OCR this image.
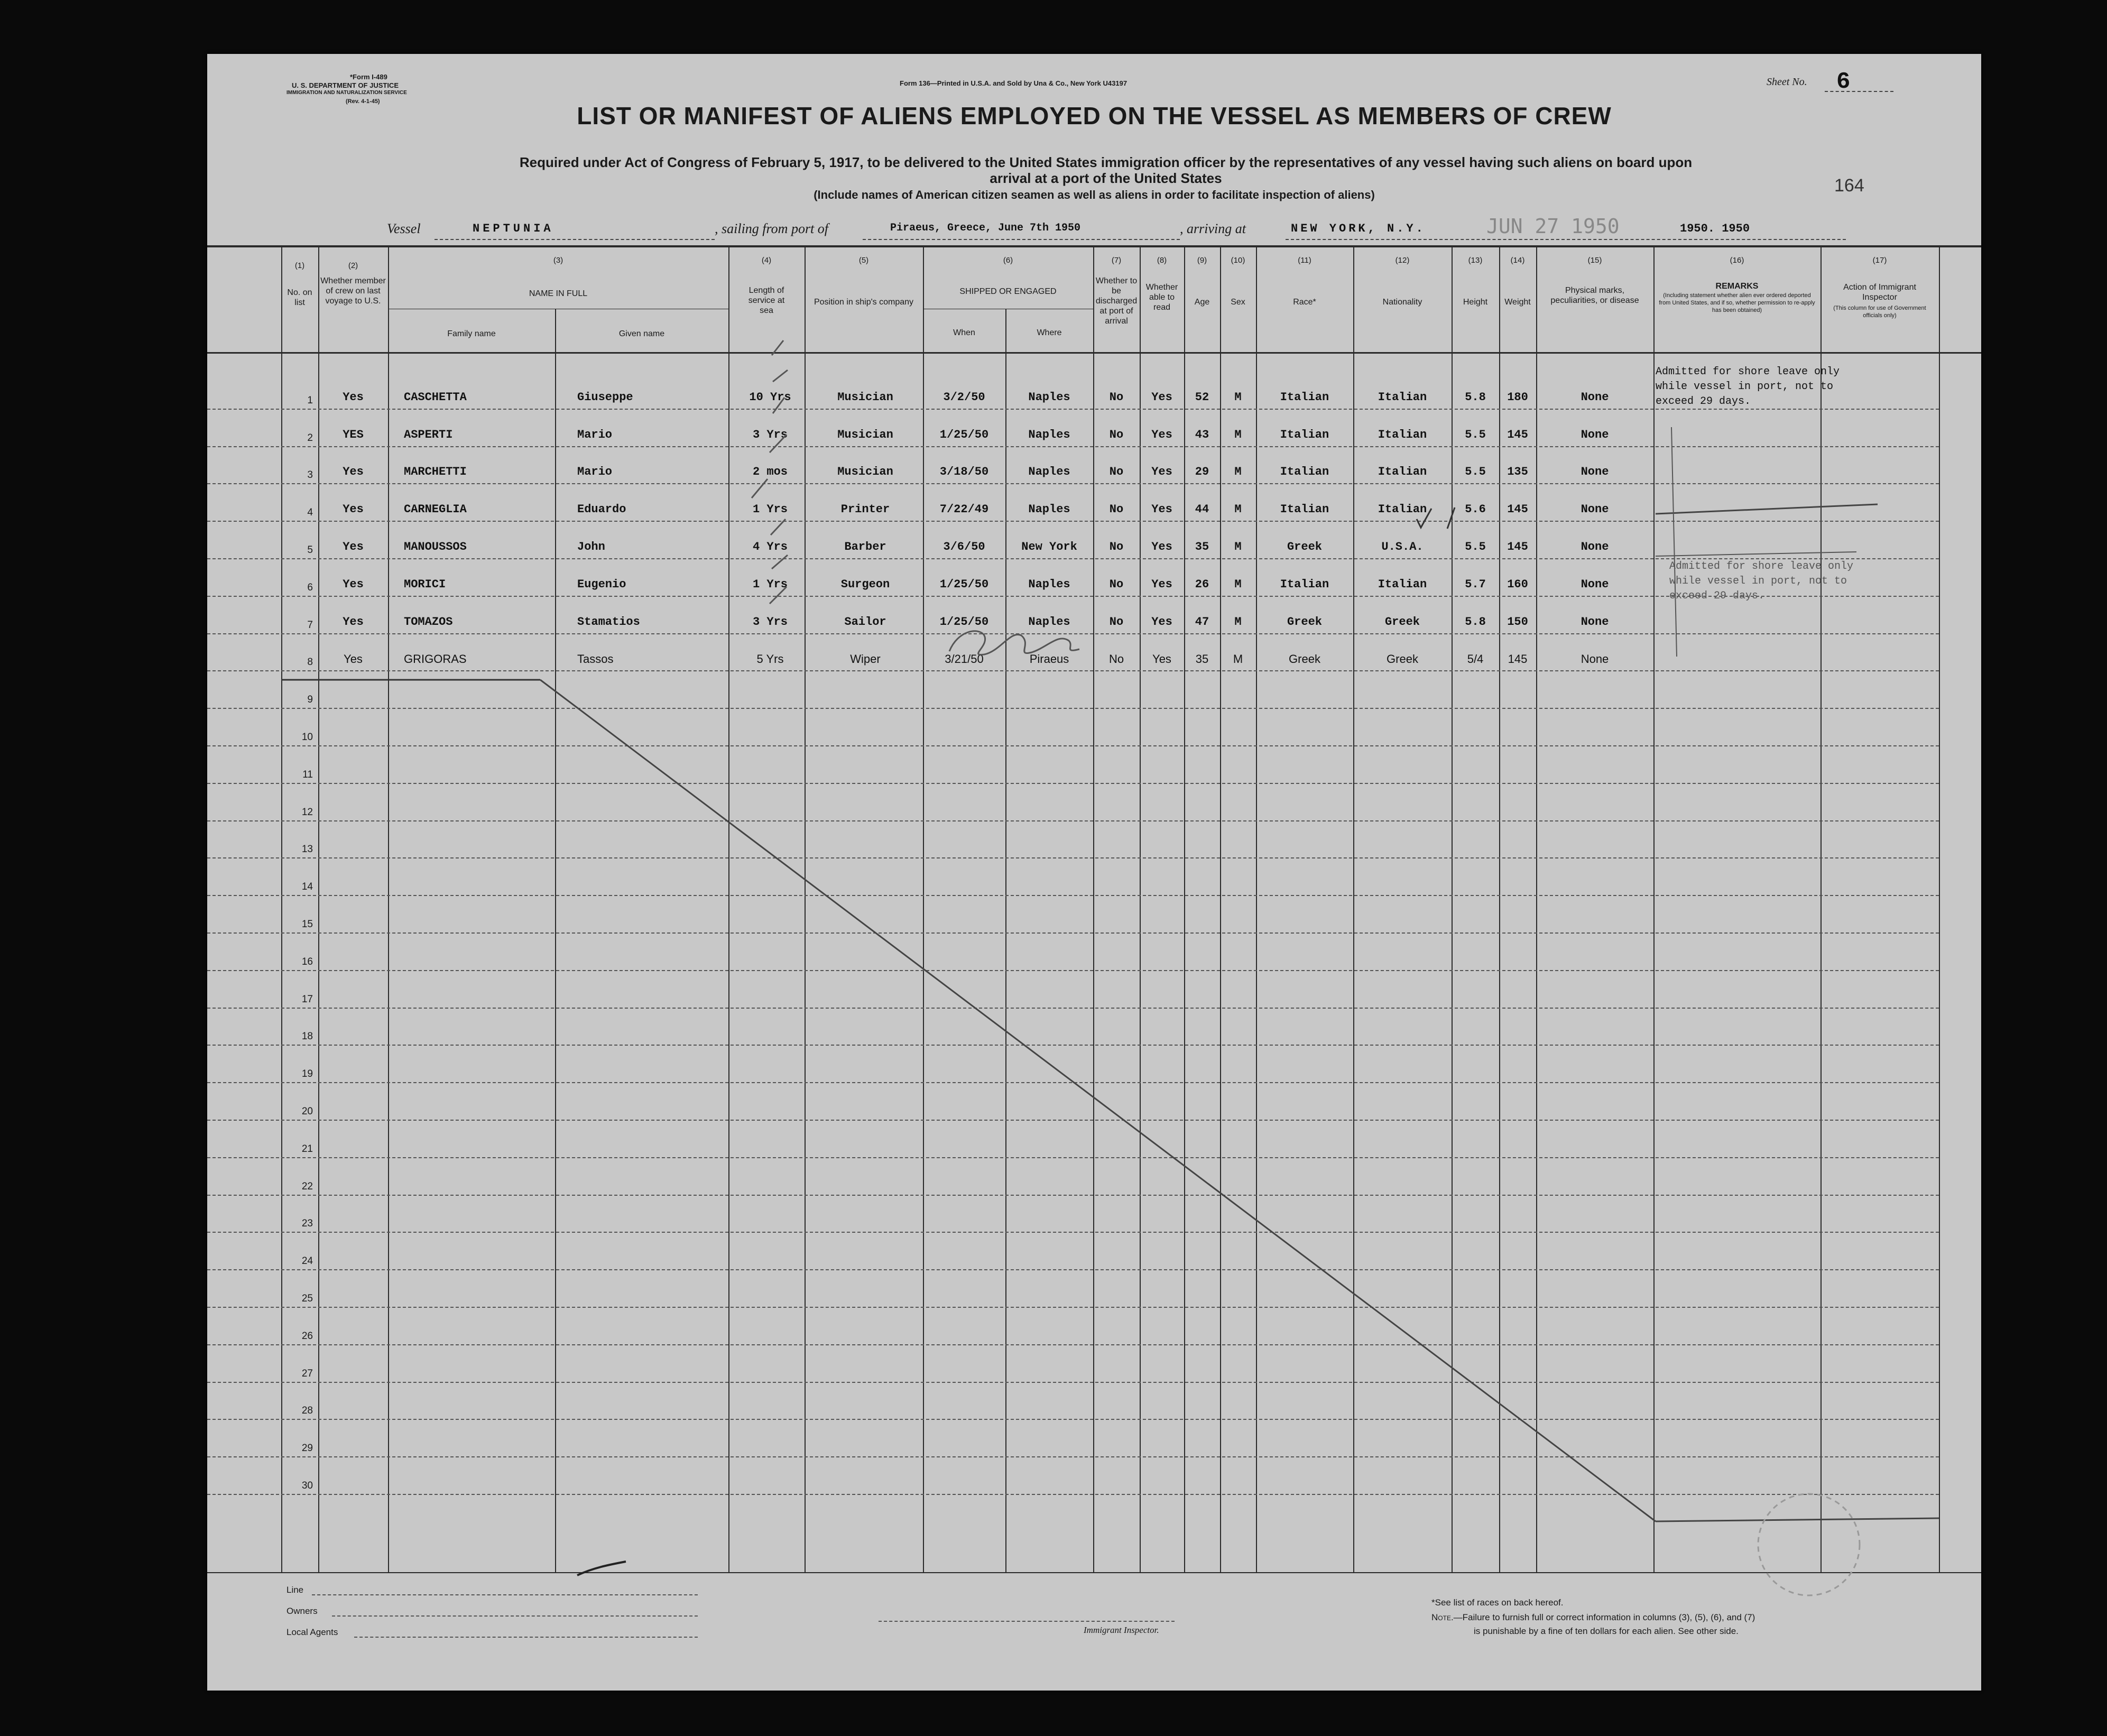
*Form I-489
U. S. DEPARTMENT OF JUSTICE
IMMIGRATION AND NATURALIZATION SERVICE
(Rev. 4-1-45)
Form 136—Printed in U.S.A. and Sold by Una & Co., New York U43197	Sheet No. 6
LIST OR MANIFEST OF ALIENS EMPLOYED ON THE VESSEL AS MEMBERS OF CREW
Required under Act of Congress of February 5, 1917, to be delivered to the United States immigration officer by the representatives of any vessel having such aliens on board upon arrival at a port of the United States
(Include names of American citizen seamen as well as aliens in order to facilitate inspection of aliens)	164
Vessel	NEPTUNIA	, sailing from port of	Piraeus, Greece, June 7th 1950	, arriving at	NEW YORK, N.Y.	JUN 27 1950	1950. 1950
(1)	(2)
(3)	(4)	(5)	(6)	(7)	(8)	(9)	(10)	(11)	(12)	(13)	(14)	(15)	(16)	(17)
No. on list
Whether member of crew on last voyage to U.S.
NAME IN FULL
Family name	Given name
Length of service at sea
Position in ship's company
SHIPPED OR ENGAGED
When	Where
Whether to be discharged at port of arrival
Whether able to read
Age	Sex	Race*	Nationality	Height	Weight
Physical marks, peculiarities, or disease
REMARKS
(Including statement whether alien ever ordered deported from United States, and if so, whether permission to re-apply has been obtained)
Action of Immigrant Inspector
(This column for use of Government officials only)
1	Yes	CASCHETTA	Giuseppe	10 Yrs	Musician	3/2/50	Naples	No	Yes	52	M	Italian	Italian	5.8	180	None
2	YES	ASPERTI	Mario	3 Yrs	Musician	1/25/50	Naples	No	Yes	43	M	Italian	Italian	5.5	145	None
3	Yes	MARCHETTI	Mario	2 mos	Musician	3/18/50	Naples	No	Yes	29	M	Italian	Italian	5.5	135	None
4	Yes	CARNEGLIA	Eduardo	1 Yrs	Printer	7/22/49	Naples	No	Yes	44	M	Italian	Italian	5.6	145	None
5	Yes	MANOUSSOS	John	4 Yrs	Barber	3/6/50	New York	No	Yes	35	M	Greek	U.S.A.	5.5	145	None
6	Yes	MORICI	Eugenio	1 Yrs	Surgeon	1/25/50	Naples	No	Yes	26	M	Italian	Italian	5.7	160	None
7	Yes	TOMAZOS	Stamatios	3 Yrs	Sailor	1/25/50	Naples	No	Yes	47	M	Greek	Greek	5.8	150	None
8	Yes	GRIGORAS	Tassos	5 Yrs	Wiper	3/21/50	Piraeus	No	Yes	35	M	Greek	Greek	5/4	145	None
9
10
11
12
13
14
15
16
17
18
19
20
21
22
23
24
25
26
27
28
29
30
Admitted for shore leave only
while vessel in port, not to
exceed 29 days.
Admitted for shore leave only
while vessel in port, not to
exceed 29 days.
Line
Owners
Local Agents	Immigrant Inspector.
*See list of races on back hereof.
Note.—Failure to furnish full or correct information in columns (3), (5), (6), and (7)
is punishable by a fine of ten dollars for each alien. See other side.
